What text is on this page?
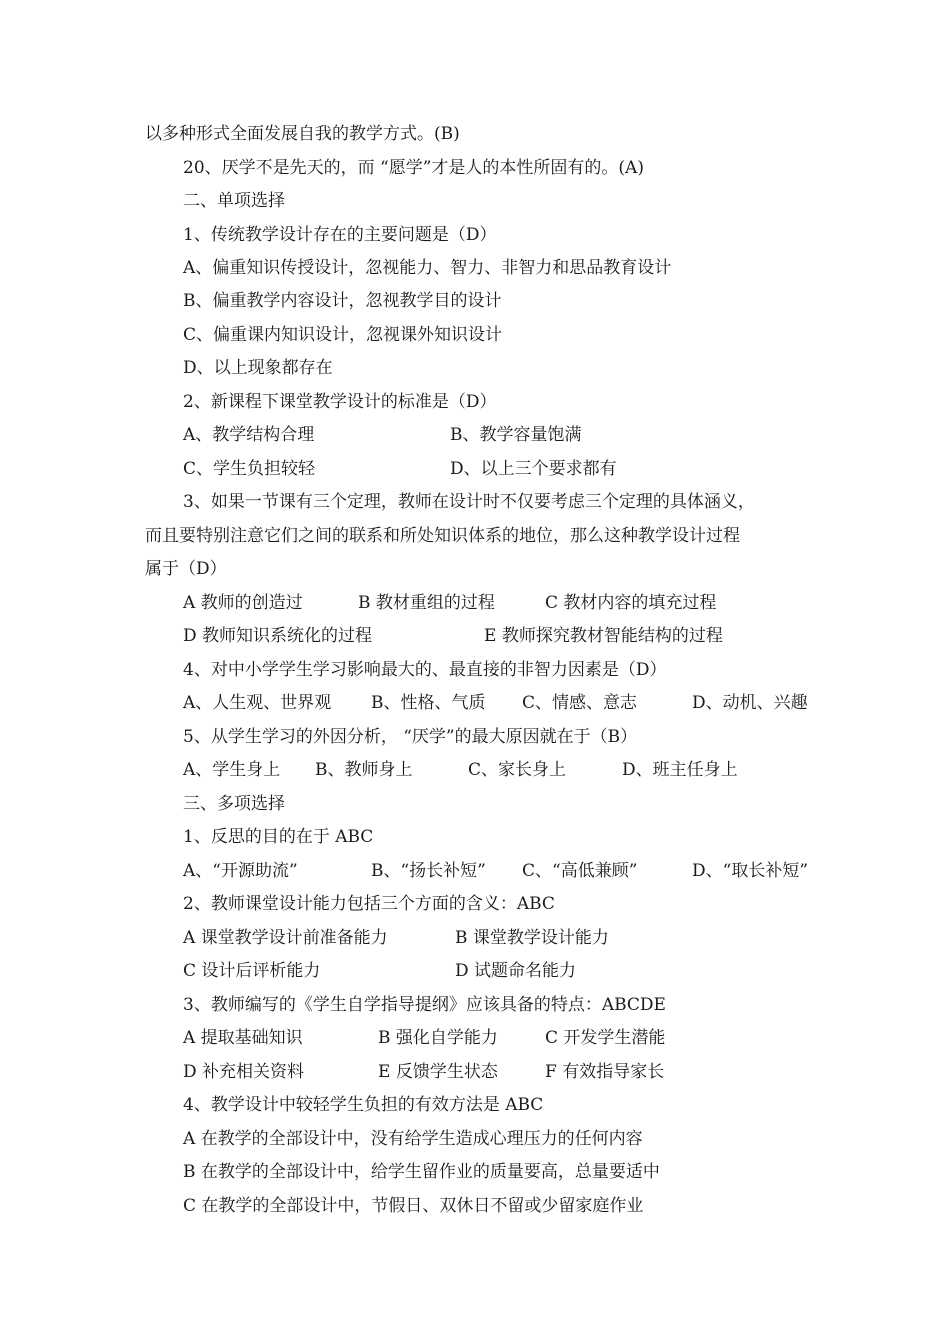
以多种形式全面发展自我的教学方式。(B)
20、厌学不是先天的，而 “愿学”才是人的本性所固有的。(A)
二、单项选择
1、传统教学设计存在的主要问题是（D）
A、偏重知识传授设计，忽视能力、智力、非智力和思品教育设计
B、偏重教学内容设计，忽视教学目的设计
C、偏重课内知识设计，忽视课外知识设计
D、以上现象都存在
2、新课程下课堂教学设计的标准是（D）
A、教学结构合理	B、教学容量饱满
C、学生负担较轻	D、以上三个要求都有
3、如果一节课有三个定理，教师在设计时不仅要考虑三个定理的具体涵义，
而且要特别注意它们之间的联系和所处知识体系的地位，那么这种教学设计过程
属于（D）
A 教师的创造过	B 教材重组的过程	C 教材内容的填充过程
D 教师知识系统化的过程	E 教师探究教材智能结构的过程
4、对中小学学生学习影响最大的、最直接的非智力因素是（D）
A、人生观、世界观 B、性格、气质 C、情感、意志	D、动机、兴趣
5、从学生学习的外因分析， “厌学”的最大原因就在于（B）
A、学生身上 B、教师身上	C、家长身上	D、班主任身上
三、多项选择
1、反思的目的在于 ABC
A、“开源助流”	B、“扬长补短” C、“高低兼顾”	D、“取长补短”
2、教师课堂设计能力包括三个方面的含义：ABC
A 课堂教学设计前准备能力	B 课堂教学设计能力
C 设计后评析能力	D 试题命名能力
3、教师编写的《学生自学指导提纲》应该具备的特点：ABCDE
A 提取基础知识	B 强化自学能力	C 开发学生潜能
D 补充相关资料	E 反馈学生状态	F 有效指导家长
4、教学设计中较轻学生负担的有效方法是 ABC
A 在教学的全部设计中，没有给学生造成心理压力的任何内容
B 在教学的全部设计中，给学生留作业的质量要高，总量要适中
C 在教学的全部设计中，节假日、双休日不留或少留家庭作业
